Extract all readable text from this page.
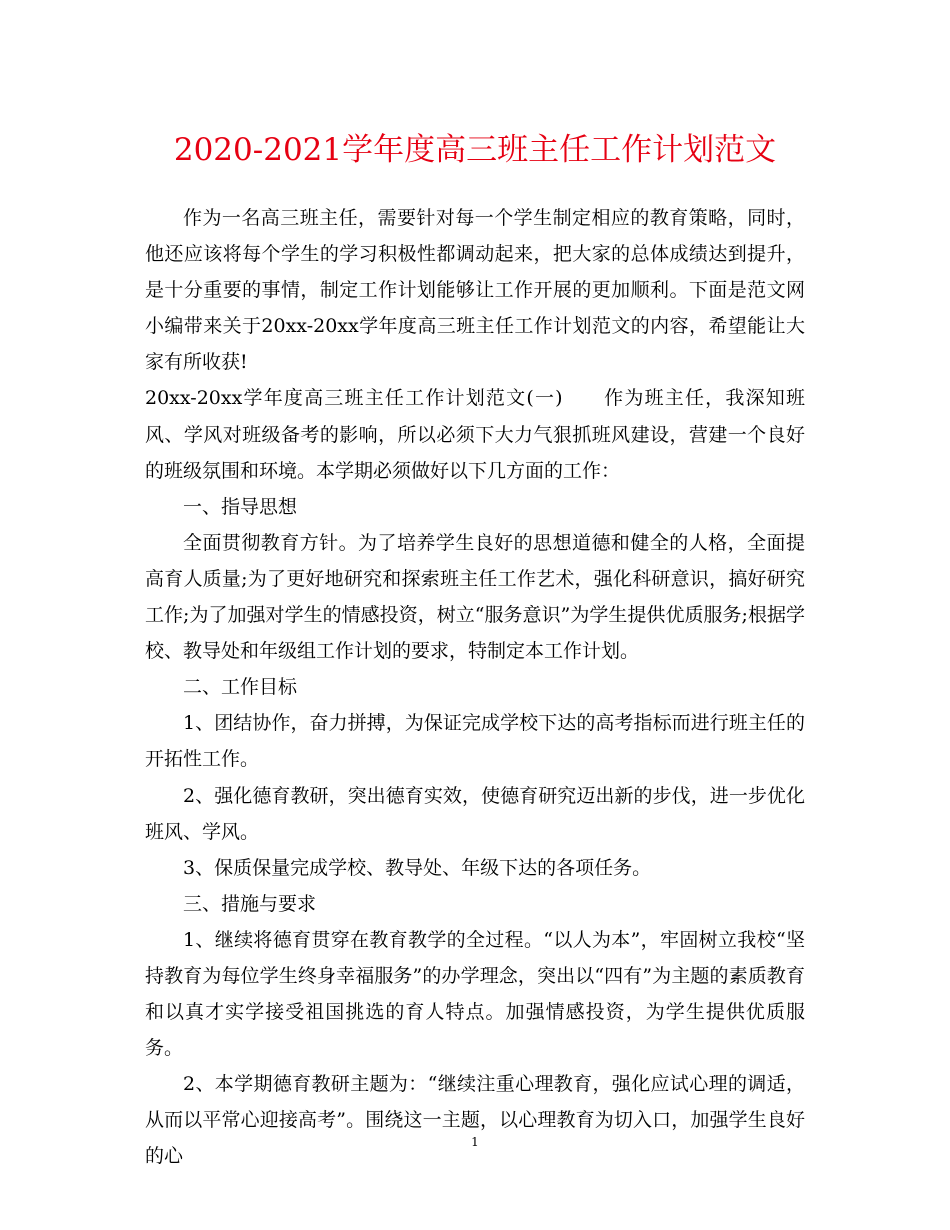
2020-2021学年度高三班主任工作计划范文

作为一名高三班主任，需要针对每一个学生制定相应的教育策略，同时，他还应该将每个学生的学习积极性都调动起来，把大家的总体成绩达到提升，是十分重要的事情，制定工作计划能够让工作开展的更加顺利。下面是范文网小编带来关于20xx-20xx学年度高三班主任工作计划范文的内容，希望能让大家有所收获!

20xx-20xx学年度高三班主任工作计划范文(一)　　作为班主任，我深知班风、学风对班级备考的影响，所以必须下大力气狠抓班风建设，营建一个良好的班级氛围和环境。本学期必须做好以下几方面的工作：

一、指导思想

全面贯彻教育方针。为了培养学生良好的思想道德和健全的人格，全面提高育人质量;为了更好地研究和探索班主任工作艺术，强化科研意识，搞好研究工作;为了加强对学生的情感投资，树立“服务意识”为学生提供优质服务;根据学校、教导处和年级组工作计划的要求，特制定本工作计划。

二、工作目标

1、团结协作，奋力拼搏，为保证完成学校下达的高考指标而进行班主任的开拓性工作。

2、强化德育教研，突出德育实效，使德育研究迈出新的步伐，进一步优化班风、学风。

3、保质保量完成学校、教导处、年级下达的各项任务。

三、措施与要求

1、继续将德育贯穿在教育教学的全过程。“以人为本”，牢固树立我校“坚持教育为每位学生终身幸福服务”的办学理念，突出以“四有”为主题的素质教育和以真才实学接受祖国挑选的育人特点。加强情感投资，为学生提供优质服务。

2、本学期德育教研主题为：“继续注重心理教育，强化应试心理的调适，从而以平常心迎接高考”。围绕这一主题，以心理教育为切入口，加强学生良好的心

1
